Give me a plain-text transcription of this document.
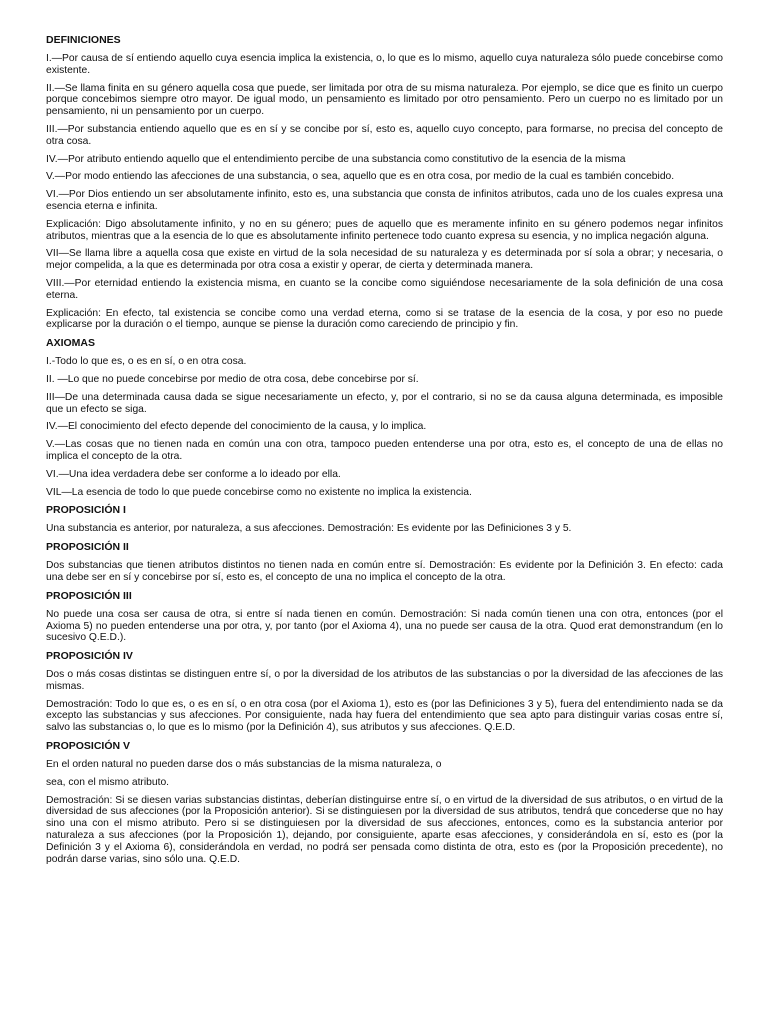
DEFINICIONES

I.—Por causa de sí entiendo aquello cuya esencia implica la existencia, o, lo que es lo mismo, aquello cuya naturaleza sólo puede concebirse como existente.

II.—Se llama finita en su género aquella cosa que puede, ser limitada por otra de su misma naturaleza. Por ejemplo, se dice que es finito un cuerpo porque concebimos siempre otro mayor. De igual modo, un pensamiento es limitado por otro pensamiento. Pero un cuerpo no es limitado por un pensamiento, ni un pensamiento por un cuerpo.

III.—Por substancia entiendo aquello que es en sí y se concibe por sí, esto es, aquello cuyo concepto, para formarse, no precisa del concepto de otra cosa.

IV.—Por atributo entiendo aquello que el entendimiento percibe de una substancia como constitutivo de la esencia de la misma

V.—Por modo entiendo las afecciones de una substancia, o sea, aquello que es en otra cosa, por medio de la cual es también concebido.

VI.—Por Dios entiendo un ser absolutamente infinito, esto es, una substancia que consta de infinitos atributos, cada uno de los cuales expresa una esencia eterna e infinita.

Explicación: Digo absolutamente infinito, y no en su género; pues de aquello que es meramente infinito en su género podemos negar infinitos atributos, mientras que a la esencia de lo que es absolutamente infinito pertenece todo cuanto expresa su esencia, y no implica negación alguna.

VII—Se llama libre a aquella cosa que existe en virtud de la sola necesidad de su naturaleza y es determinada por sí sola a obrar; y necesaria, o mejor compelida, a la que es determinada por otra cosa a existir y operar, de cierta y determinada manera.

VIII.—Por eternidad entiendo la existencia misma, en cuanto se la concibe como siguiéndose necesariamente de la sola definición de una cosa eterna.

Explicación: En efecto, tal existencia se concibe como una verdad eterna, como si se tratase de la esencia de la cosa, y por eso no puede explicarse por la duración o el tiempo, aunque se piense la duración como careciendo de principio y fin.

AXIOMAS

I.-Todo lo que es, o es en sí, o en otra cosa.

II. —Lo que no puede concebirse por medio de otra cosa, debe concebirse por sí.

III—De una determinada causa dada se sigue necesariamente un efecto, y, por el contrario, si no se da causa alguna determinada, es imposible que un efecto se siga.

IV.—El conocimiento del efecto depende del conocimiento de la causa, y lo implica.

V.—Las cosas que no tienen nada en común una con otra, tampoco pueden entenderse una por otra, esto es, el concepto de una de ellas no implica el concepto de la otra.

VI.—Una idea verdadera debe ser conforme a lo ideado por ella.

VIL—La esencia de todo lo que puede concebirse como no existente no implica la existencia.

PROPOSICIÓN I

Una substancia es anterior, por naturaleza, a sus afecciones. Demostración: Es evidente por las Definiciones 3 y 5.

PROPOSICIÓN II

Dos substancias que tienen atributos distintos no tienen nada en común entre sí. Demostración: Es evidente por la Definición 3. En efecto: cada una debe ser en sí y concebirse por sí, esto es, el concepto de una no implica el concepto de la otra.

PROPOSICIÓN III

No puede una cosa ser causa de otra, si entre sí nada tienen en común. Demostración: Si nada común tienen una con otra, entonces (por el Axioma 5) no pueden entenderse una por otra, y, por tanto (por el Axioma 4), una no puede ser causa de la otra. Quod erat demonstrandum (en lo sucesivo Q.E.D.).

PROPOSICIÓN IV

Dos o más cosas distintas se distinguen entre sí, o por la diversidad de los atributos de las substancias o por la diversidad de las afecciones de las mismas.

Demostración: Todo lo que es, o es en sí, o en otra cosa (por el Axioma 1), esto es (por las Definiciones 3 y 5), fuera del entendimiento nada se da excepto las substancias y sus afecciones. Por consiguiente, nada hay fuera del entendimiento que sea apto para distinguir varias cosas entre sí, salvo las substancias o, lo que es lo mismo (por la Definición 4), sus atributos y sus afecciones. Q.E.D.

PROPOSICIÓN V

En el orden natural no pueden darse dos o más substancias de la misma naturaleza, o

sea, con el mismo atributo.

Demostración: Si se diesen varias substancias distintas, deberían distinguirse entre sí, o en virtud de la diversidad de sus atributos, o en virtud de la diversidad de sus afecciones (por la Proposición anterior). Si se distinguiesen por la diversidad de sus atributos, tendrá que concederse que no hay sino una con el mismo atributo. Pero si se distinguiesen por la diversidad de sus afecciones, entonces, como es la substancia anterior por naturaleza a sus afecciones (por la Proposición 1), dejando, por consiguiente, aparte esas afecciones, y considerándola en sí, esto es (por la Definición 3 y el Axioma 6), considerándola en verdad, no podrá ser pensada como distinta de otra, esto es (por la Proposición precedente), no podrán darse varias, sino sólo una. Q.E.D.
